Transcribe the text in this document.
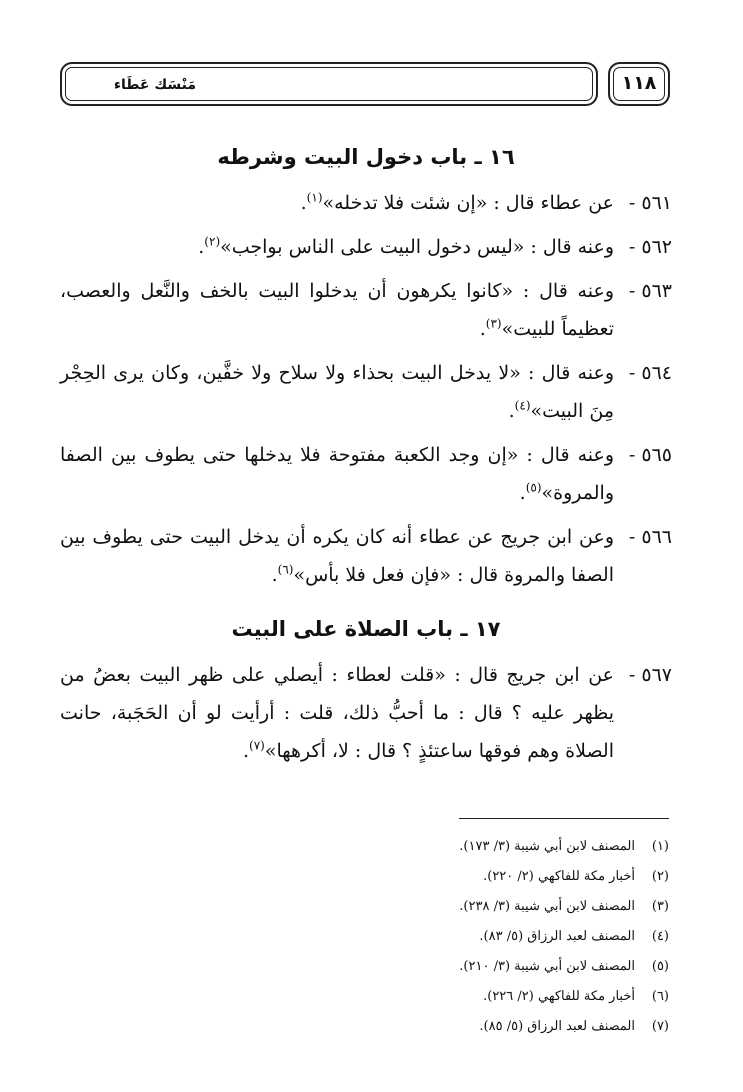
مَنْسَك عَطَاء	١١٨
١٦ ـ باب دخول البيت وشرطه
٥٦١ -
عن عطاء قال : «إن شئت فلا تدخله»$^{(١)}$.
٥٦٢ -
وعنه قال : «ليس دخول البيت على الناس بواجب»$^{(٢)}$.
٥٦٣ -
وعنه قال : «كانوا يكرهون أن يدخلوا البيت بالخف والنَّعل والعصب، تعظيماً للبيت»$^{(٣)}$.
٥٦٤ -
وعنه قال : «لا يدخل البيت بحذاء ولا سلاح ولا خفَّين، وكان يرى الحِجْر مِنَ البيت»$^{(٤)}$.
٥٦٥ -
وعنه قال : «إن وجد الكعبة مفتوحة فلا يدخلها حتى يطوف بين الصفا والمروة»$^{(٥)}$.
٥٦٦ -
وعن ابن جريج عن عطاء أنه كان يكره أن يدخل البيت حتى يطوف بين الصفا والمروة قال : «فإن فعل فلا بأس»$^{(٦)}$.
١٧ ـ باب الصلاة على البيت
٥٦٧ -
عن ابن جريج قال : «قلت لعطاء : أيصلي على ظهر البيت بعضُ من يظهر عليه ؟ قال : ما أحبُّ ذلك، قلت : أرأيت لو أن الحَجَبة، حانت الصلاة وهم فوقها ساعتئذٍ ؟ قال : لا، أكرهها»$^{(٧)}$.
(١)المصنف لابن أبي شيبة (٣/ ١٧٣).
(٢)أخبار مكة للفاكهي (٢/ ٢٢٠).
(٣)المصنف لابن أبي شيبة (٣/ ٢٣٨).
(٤)المصنف لعبد الرزاق (٥/ ٨٣).
(٥)المصنف لابن أبي شيبة (٣/ ٢١٠).
(٦)أخبار مكة للفاكهي (٢/ ٢٢٦).
(٧)المصنف لعبد الرزاق (٥/ ٨٥).
